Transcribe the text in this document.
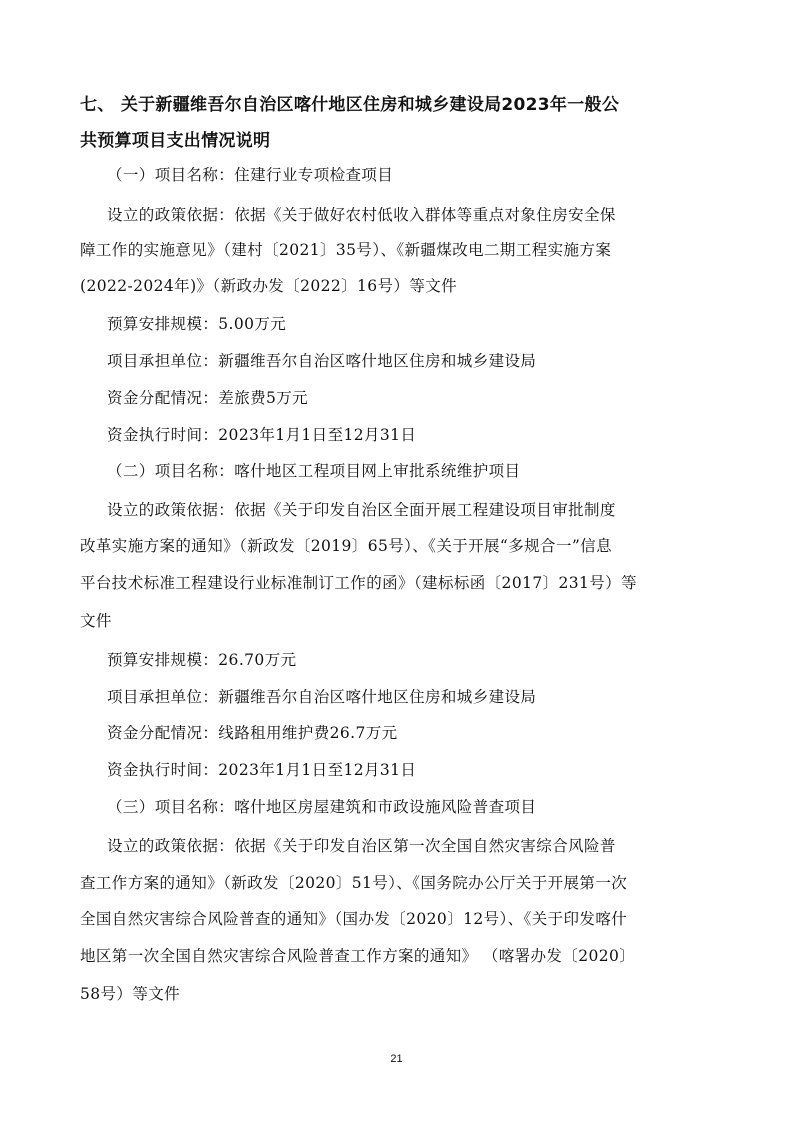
七、 关于新疆维吾尔自治区喀什地区住房和城乡建设局2023年一般公
共预算项目支出情况说明
（一）项目名称：住建行业专项检查项目
设立的政策依据：依据《关于做好农村低收入群体等重点对象住房安全保
障工作的实施意见》（建村〔2021〕35号）、《新疆煤改电二期工程实施方案
(2022-2024年)》（新政办发〔2022〕16号）等文件
预算安排规模：5.00万元
项目承担单位：新疆维吾尔自治区喀什地区住房和城乡建设局
资金分配情况：差旅费5万元
资金执行时间：2023年1月1日至12月31日
（二）项目名称：喀什地区工程项目网上审批系统维护项目
设立的政策依据：依据《关于印发自治区全面开展工程建设项目审批制度
改革实施方案的通知》（新政发〔2019〕65号）、《关于开展“多规合一”信息
平台技术标准工程建设行业标准制订工作的函》（建标标函〔2017〕231号）等
文件
预算安排规模：26.70万元
项目承担单位：新疆维吾尔自治区喀什地区住房和城乡建设局
资金分配情况：线路租用维护费26.7万元
资金执行时间：2023年1月1日至12月31日
（三）项目名称：喀什地区房屋建筑和市政设施风险普查项目
设立的政策依据：依据《关于印发自治区第一次全国自然灾害综合风险普
查工作方案的通知》（新政发〔2020〕51号）、《国务院办公厅关于开展第一次
全国自然灾害综合风险普查的通知》（国办发〔2020〕12号）、《关于印发喀什
地区第一次全国自然灾害综合风险普查工作方案的通知》 （喀署办发〔2020〕
58号）等文件
21
